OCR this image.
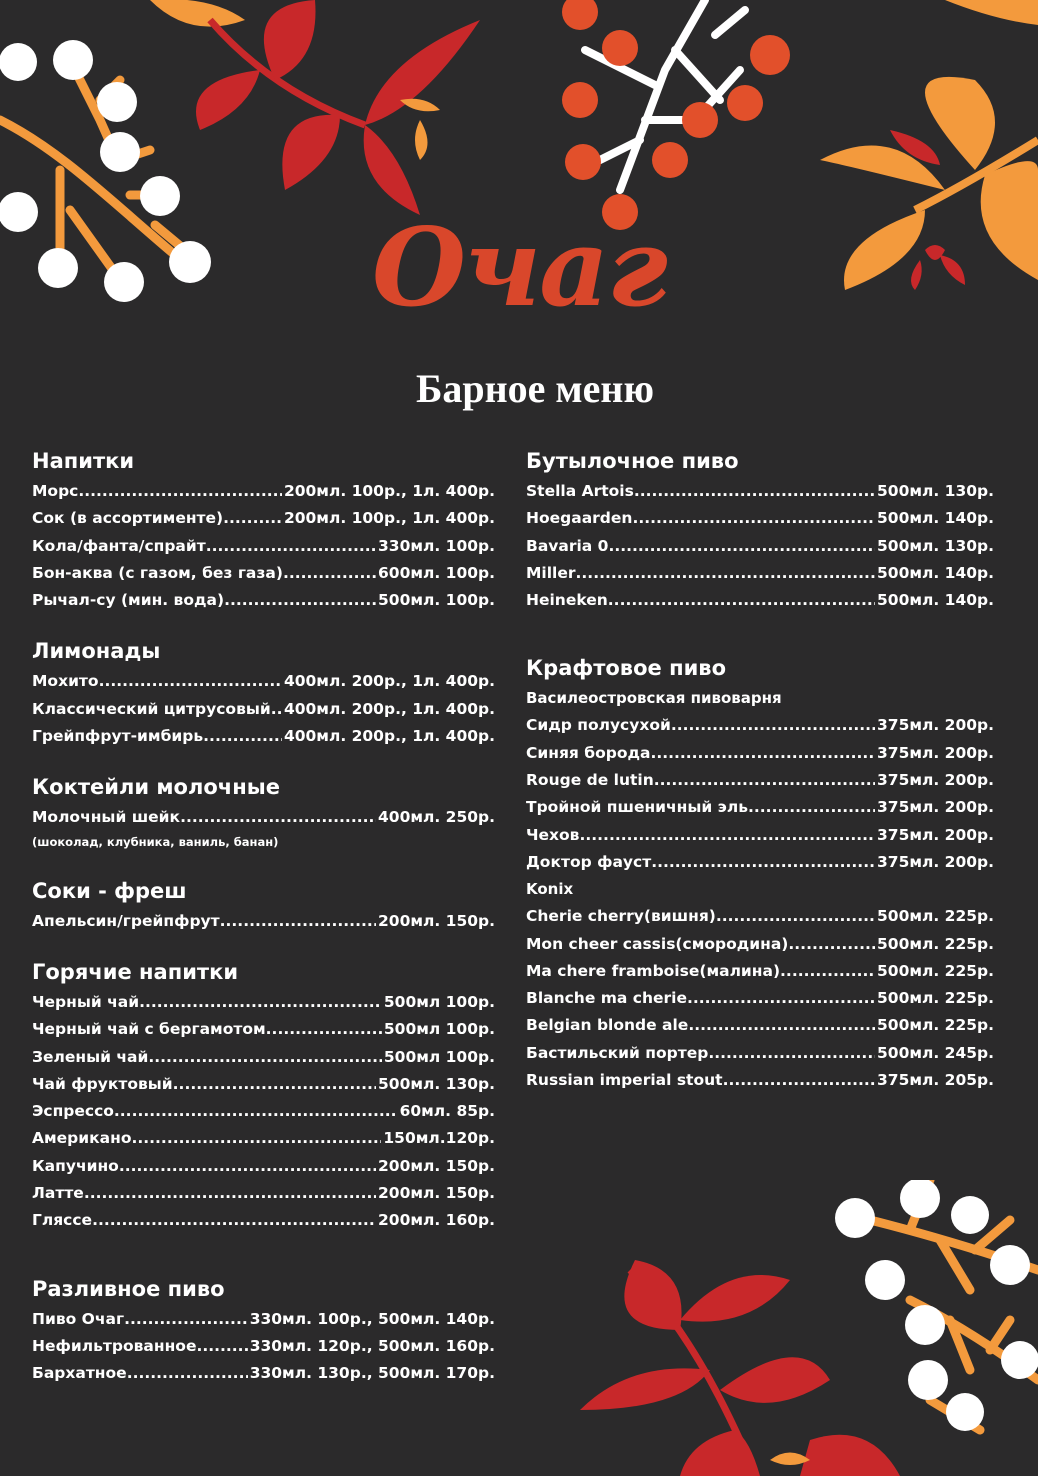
Очаг
Барное меню
Напитки
Морс .....	200мл. 100р., 1л. 400р.
Сок (в ассортименте) .....	200мл. 100р., 1л. 400р.
Кола/фанта/спрайт .....	330мл. 100р.
Бон-аква (с газом, без газа) .....	600мл. 100р.
Рычал-су (мин. вода) .....	500мл. 100р.
Лимонады
Мохито .....	400мл. 200р., 1л. 400р.
Классический цитрусовый ..... 400мл. 200р., 1л. 400р.
Грейпфрут-имбирь .....	400мл. 200р., 1л. 400р.
Коктейли молочные
Молочный шейк .....	400мл. 250р.
(шоколад, клубника, ваниль, банан)
Соки - фреш
Апельсин/грейпфрут .....	200мл. 150р.
Горячие напитки
Черный чай .....	500мл 100р.
Черный чай с бергамотом .....	500мл 100р.
Зеленый чай .....	500мл 100р.
Чай фруктовый .....	500мл. 130р.
Эспрессо .....	60мл. 85р.
Американо .....	150мл.120р.
Капучино .....	200мл. 150р.
Латте .....	200мл. 150р.
Гляссе .....	200мл. 160р.
Разливное пиво
Пиво Очаг .....	330мл. 100р., 500мл. 140р.
Нефильтрованное .....	330мл. 120р., 500мл. 160р.
Бархатное .....	330мл. 130р., 500мл. 170р.
Бутылочное пиво
Stella Artois .....	500мл. 130р.
Hoegaarden .....	500мл. 140р.
Bavaria 0 .....	500мл. 130р.
Miller .....	500мл. 140р.
Heineken .....	500мл. 140р.
Крафтовое пиво
Василеостровская пивоварня
Сидр полусухой .....	375мл. 200р.
Синяя борода .....	375мл. 200р.
Rouge de lutin .....	375мл. 200р.
Тройной пшеничный эль .....	375мл. 200р.
Чехов .....	375мл. 200р.
Доктор фауст .....	375мл. 200р.
Konix
Cherie cherry(вишня) .....	500мл. 225р.
Mon cheer cassis(смородина) .....	500мл. 225р.
Ma chere framboise(малина) .....	500мл. 225р.
Blanche ma cherie .....	500мл. 225р.
Belgian blonde ale .....	500мл. 225р.
Бастильский портер .....	500мл. 245р.
Russian imperial stout .....	375мл. 205р.
